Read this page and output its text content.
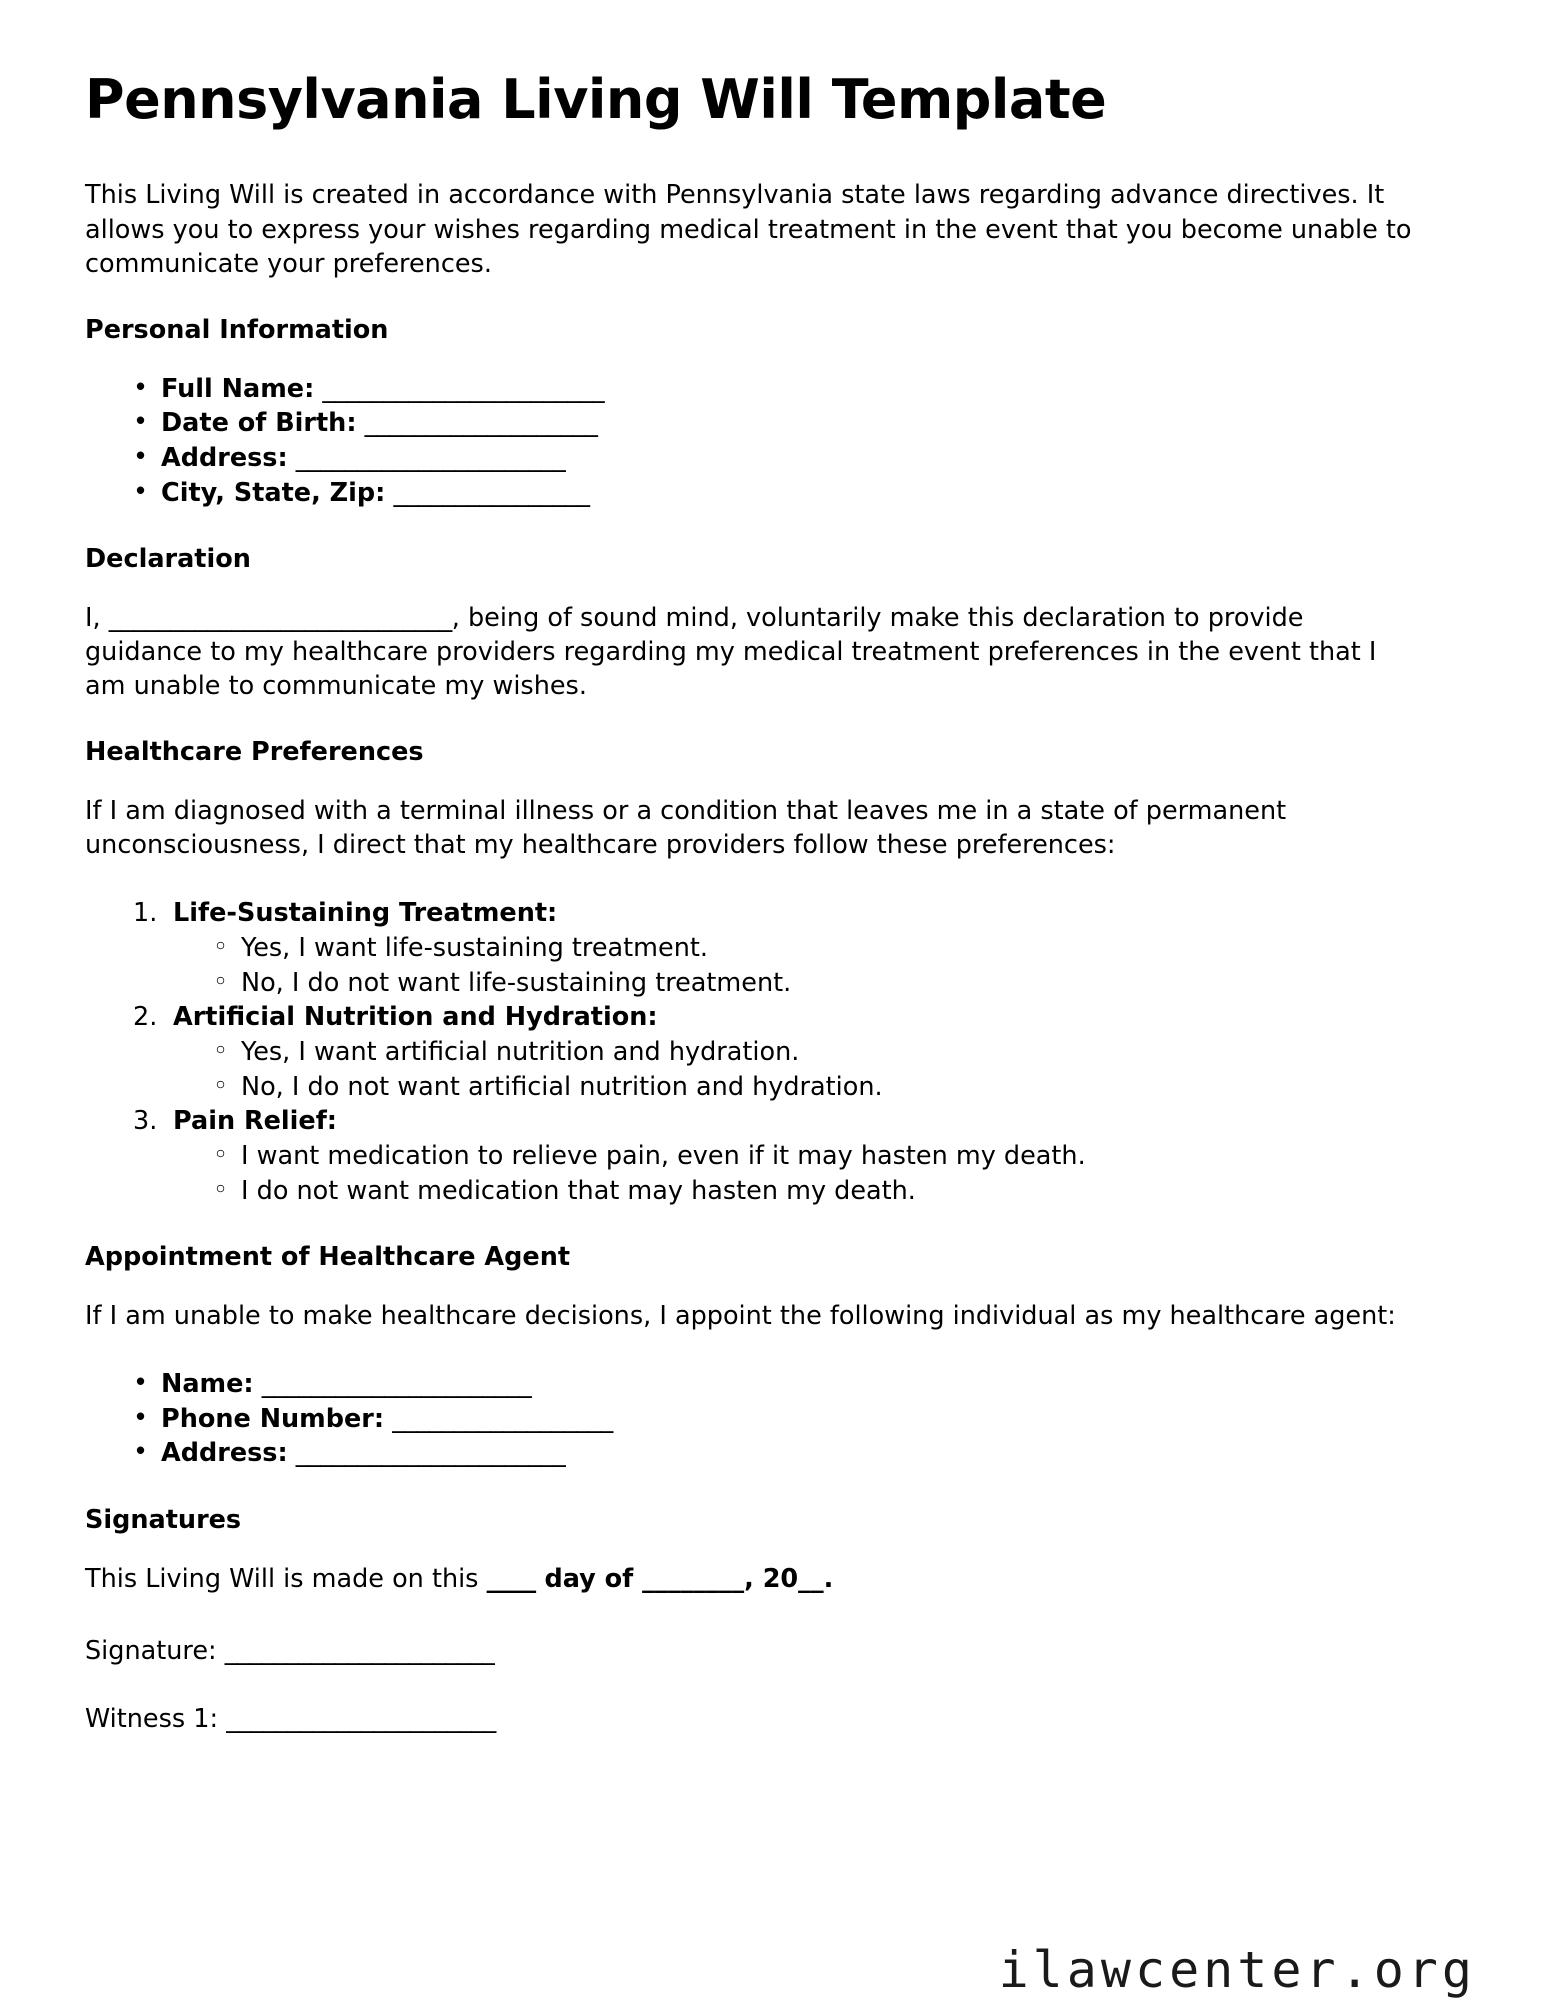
Pennsylvania Living Will Template

This Living Will is created in accordance with Pennsylvania state laws regarding advance directives. It allows you to express your wishes regarding medical treatment in the event that you become unable to communicate your preferences.

Personal Information
• Full Name: _______________________
• Date of Birth: ___________________
• Address: ______________________
• City, State, Zip: ________________
Declaration

I, ____________________________, being of sound mind, voluntarily make this declaration to provide guidance to my healthcare providers regarding my medical treatment preferences in the event that I am unable to communicate my wishes.

Healthcare Preferences

If I am diagnosed with a terminal illness or a condition that leaves me in a state of permanent unconsciousness, I direct that my healthcare providers follow these preferences:

Life-Sustaining Treatment:
◦ Yes, I want life-sustaining treatment.
◦ No, I do not want life-sustaining treatment.
Artificial Nutrition and Hydration:
◦ Yes, I want artificial nutrition and hydration.
◦ No, I do not want artificial nutrition and hydration.
Pain Relief:
◦ I want medication to relieve pain, even if it may hasten my death.
◦ I do not want medication that may hasten my death.
Appointment of Healthcare Agent

If I am unable to make healthcare decisions, I appoint the following individual as my healthcare agent:

• Name: ______________________
• Phone Number: __________________
• Address: ______________________
Signatures

This Living Will is made on this ____ day of ________, 20__.

Signature: ______________________

Witness 1: ______________________

ilawcenter.org
